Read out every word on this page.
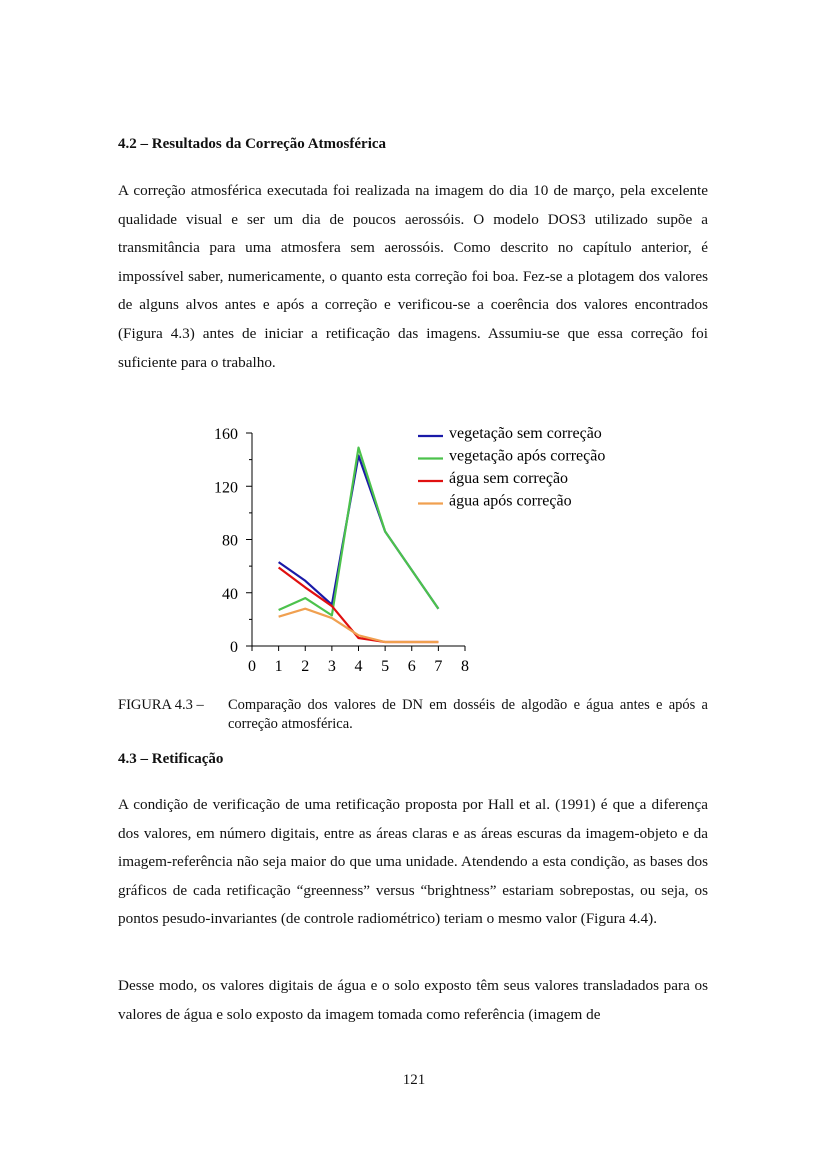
4.2 – Resultados da Correção Atmosférica

A correção atmosférica executada foi realizada na imagem do dia 10 de março, pela excelente qualidade visual e ser um dia de poucos aerossóis. O modelo DOS3 utilizado supõe a transmitância para uma atmosfera sem aerossóis. Como descrito no capítulo anterior, é impossível saber, numericamente, o quanto esta correção foi boa. Fez-se a plotagem dos valores de alguns alvos antes e após a correção e verificou-se a coerência dos valores encontrados (Figura 4.3) antes de iniciar a retificação das imagens. Assumiu-se que essa correção foi suficiente para o trabalho.

0
40
80
120
160
0 1 2 3 4 5 6 7 8
vegetação sem correção
vegetação após correção
água sem correção
água após correção
FIGURA 4.3 – Comparação dos valores de DN em dosséis de algodão e água antes e após a correção atmosférica.
4.3 – Retificação

A condição de verificação de uma retificação proposta por Hall et al. (1991) é que a diferença dos valores, em número digitais, entre as áreas claras e as áreas escuras da imagem-objeto e da imagem-referência não seja maior do que uma unidade. Atendendo a esta condição, as bases dos gráficos de cada retificação “greenness” versus “brightness” estariam sobrepostas, ou seja, os pontos pesudo-invariantes (de controle radiométrico) teriam o mesmo valor (Figura 4.4).

Desse modo, os valores digitais de água e o solo exposto têm seus valores transladados para os valores de água e solo exposto da imagem tomada como referência (imagem de

121
